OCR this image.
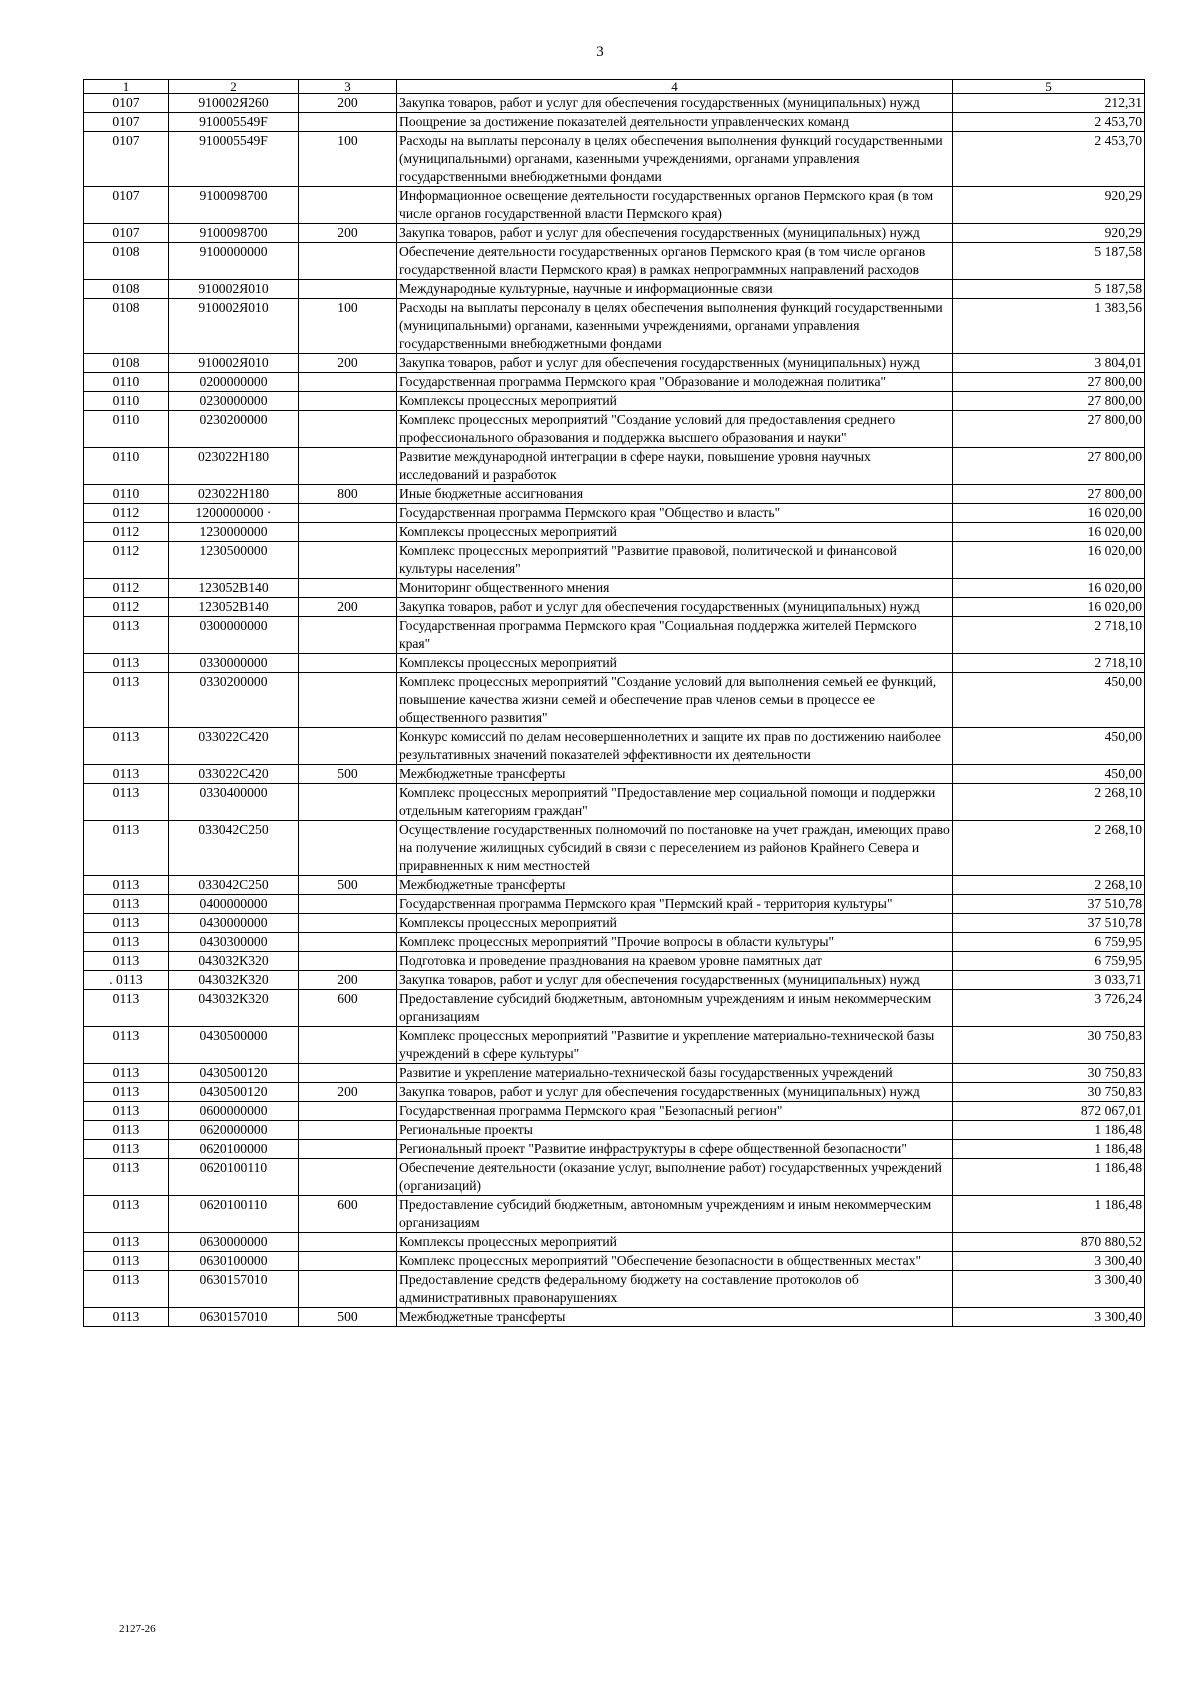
3
1	2	3	4	5
0107	910002Я260	200	Закупка товаров, работ и услуг для обеспечения государственных (муниципальных) нужд	212,31
0107	910005549F		Поощрение за достижение показателей деятельности управленческих команд	2 453,70
0107	910005549F	100	Расходы на выплаты персоналу в целях обеспечения выполнения функций государственными (муниципальными) органами, казенными учреждениями, органами управления государственными внебюджетными фондами	2 453,70
0107	9100098700		Информационное освещение деятельности государственных органов Пермского края (в том числе органов государственной власти Пермского края)	920,29
0107	9100098700	200	Закупка товаров, работ и услуг для обеспечения государственных (муниципальных) нужд	920,29
0108	9100000000		Обеспечение деятельности государственных органов Пермского края (в том числе органов государственной власти Пермского края) в рамках непрограммных направлений расходов	5 187,58
0108	910002Я010		Международные культурные, научные и информационные связи	5 187,58
0108	910002Я010	100	Расходы на выплаты персоналу в целях обеспечения выполнения функций государственными (муниципальными) органами, казенными учреждениями, органами управления государственными внебюджетными фондами	1 383,56
0108	910002Я010	200	Закупка товаров, работ и услуг для обеспечения государственных (муниципальных) нужд	3 804,01
0110	0200000000		Государственная программа Пермского края "Образование и молодежная политика"	27 800,00
0110	0230000000		Комплексы процессных мероприятий	27 800,00
0110	0230200000		Комплекс процессных мероприятий "Создание условий для предоставления среднего профессионального образования и поддержка высшего образования и науки"	27 800,00
0110	023022Н180		Развитие международной интеграции в сфере науки, повышение уровня научных исследований и разработок	27 800,00
0110	023022Н180	800	Иные бюджетные ассигнования	27 800,00
0112	1200000000 ·		Государственная программа Пермского края "Общество и власть"	16 020,00
0112	1230000000		Комплексы процессных мероприятий	16 020,00
0112	1230500000		Комплекс процессных мероприятий "Развитие правовой, политической и финансовой культуры населения"	16 020,00
0112	123052В140		Мониторинг общественного мнения	16 020,00
0112	123052В140	200	Закупка товаров, работ и услуг для обеспечения государственных (муниципальных) нужд	16 020,00
0113	0300000000		Государственная программа Пермского края "Социальная поддержка жителей Пермского края"	2 718,10
0113	0330000000		Комплексы процессных мероприятий	2 718,10
0113	0330200000		Комплекс процессных мероприятий "Создание условий для выполнения семьей ее функций, повышение качества жизни семей и обеспечение прав членов семьи в процессе ее общественного развития"	450,00
0113	033022С420		Конкурс комиссий по делам несовершеннолетних и защите их прав по достижению наиболее результативных значений показателей эффективности их деятельности	450,00
0113	033022С420	500	Межбюджетные трансферты	450,00
0113	0330400000		Комплекс процессных мероприятий "Предоставление мер социальной помощи и поддержки отдельным категориям граждан"	2 268,10
0113	033042С250		Осуществление государственных полномочий по постановке на учет граждан, имеющих право на получение жилищных субсидий в связи с переселением из районов Крайнего Севера и приравненных к ним местностей	2 268,10
0113	033042С250	500	Межбюджетные трансферты	2 268,10
0113	0400000000		Государственная программа Пермского края "Пермский край - территория культуры"	37 510,78
0113	0430000000		Комплексы процессных мероприятий	37 510,78
0113	0430300000		Комплекс процессных мероприятий "Прочие вопросы в области культуры"	6 759,95
0113	043032К320		Подготовка и проведение празднования на краевом уровне памятных дат	6 759,95
. 0113	043032К320	200	Закупка товаров, работ и услуг для обеспечения государственных (муниципальных) нужд	3 033,71
0113	043032К320	600	Предоставление субсидий бюджетным, автономным учреждениям и иным некоммерческим организациям	3 726,24
0113	0430500000		Комплекс процессных мероприятий "Развитие и укрепление материально-технической базы учреждений в сфере культуры"	30 750,83
0113	0430500120		Развитие и укрепление материально-технической базы государственных учреждений	30 750,83
0113	0430500120	200	Закупка товаров, работ и услуг для обеспечения государственных (муниципальных) нужд	30 750,83
0113	0600000000		Государственная программа Пермского края "Безопасный регион"	872 067,01
0113	0620000000		Региональные проекты	1 186,48
0113	0620100000		Региональный проект "Развитие инфраструктуры в сфере общественной безопасности"	1 186,48
0113	0620100110		Обеспечение деятельности (оказание услуг, выполнение работ) государственных учреждений (организаций)	1 186,48
0113	0620100110	600	Предоставление субсидий бюджетным, автономным учреждениям и иным некоммерческим организациям	1 186,48
0113	0630000000		Комплексы процессных мероприятий	870 880,52
0113	0630100000		Комплекс процессных мероприятий "Обеспечение безопасности в общественных местах"	3 300,40
0113	0630157010		Предоставление средств федеральному бюджету на составление протоколов об административных правонарушениях	3 300,40
0113	0630157010	500	Межбюджетные трансферты	3 300,40
2127-26
